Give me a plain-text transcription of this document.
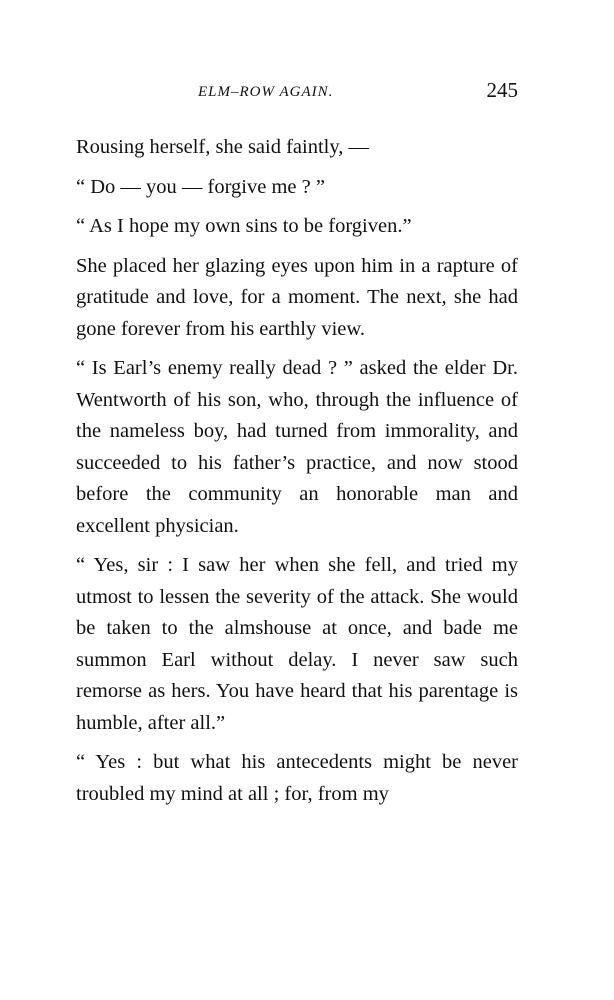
ELM–ROW AGAIN.	245

Rousing herself, she said faintly, —

“ Do — you — forgive me ? ”

“ As I hope my own sins to be forgiven.”

She placed her glazing eyes upon him in a rapture of gratitude and love, for a moment. The next, she had gone forever from his earthly view.

“ Is Earl’s enemy really dead ? ” asked the elder Dr. Wentworth of his son, who, through the influence of the nameless boy, had turned from immorality, and succeeded to his father’s practice, and now stood before the community an honorable man and excellent physician.

“ Yes, sir : I saw her when she fell, and tried my utmost to lessen the severity of the attack. She would be taken to the almshouse at once, and bade me summon Earl without delay. I never saw such remorse as hers. You have heard that his parentage is humble, after all.”

“ Yes : but what his antecedents might be never troubled my mind at all ; for, from my
